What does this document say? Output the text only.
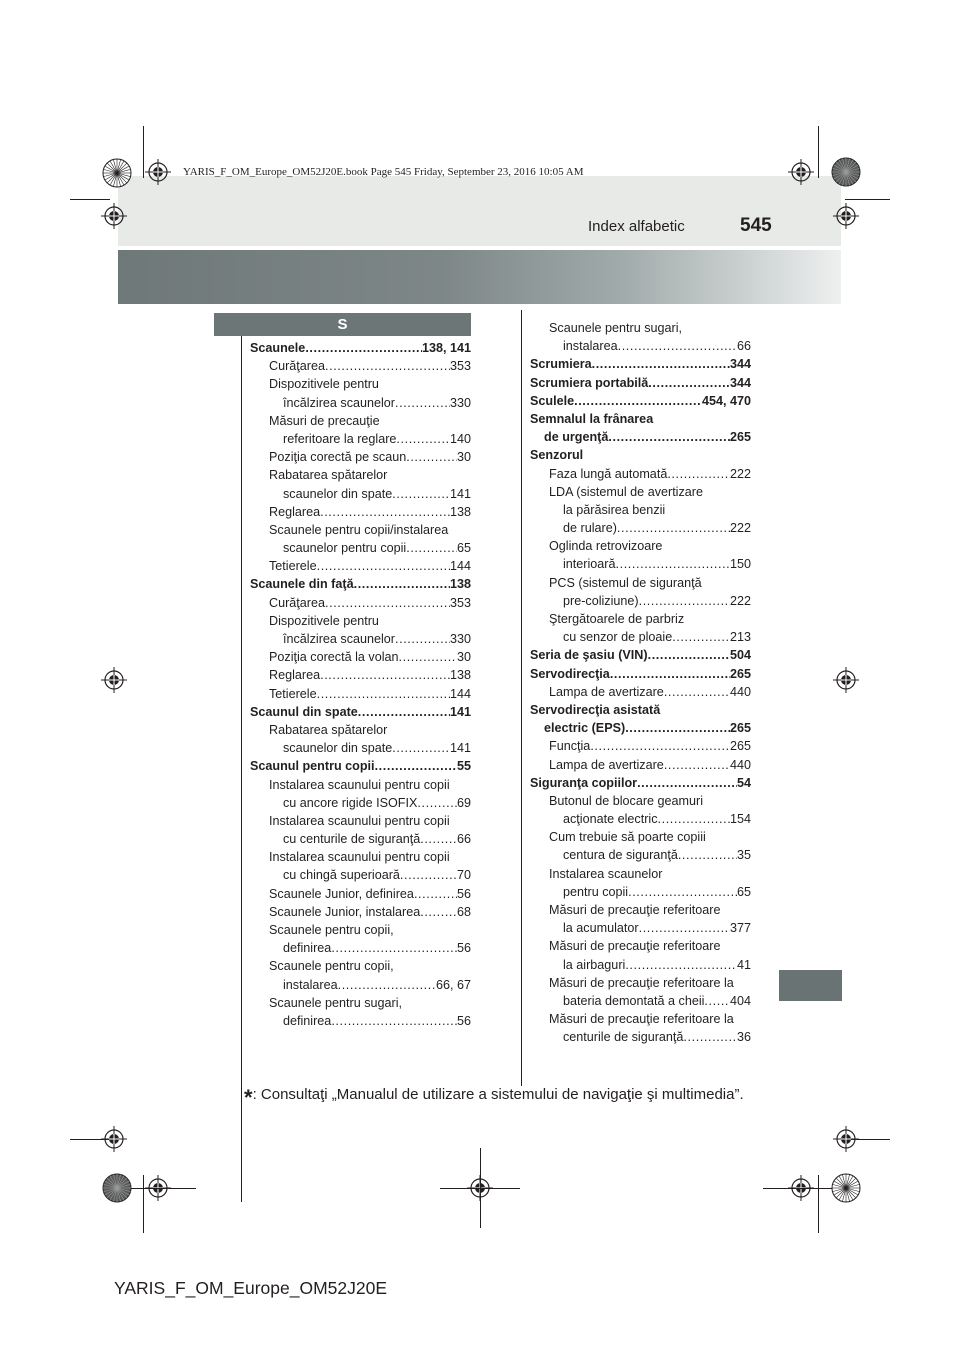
YARIS_F_OM_Europe_OM52J20E.book Page 545 Friday, September 23, 2016 10:05 AM
Index alfabetic	545
S
Scaunele .....	138, 141
Curăţarea .....	353
Dispozitivele pentru
încălzirea scaunelor .....	330
Măsuri de precauţie
referitoare la reglare .....	140
Poziţia corectă pe scaun .....	30
Rabatarea spătarelor
scaunelor din spate .....	141
Reglarea .....	138
Scaunele pentru copii/instalarea
scaunelor pentru copii .....	65
Tetierele .....	144
Scaunele din faţă .....	138
Curăţarea .....	353
Dispozitivele pentru
încălzirea scaunelor .....	330
Poziţia corectă la volan .....	30
Reglarea .....	138
Tetierele .....	144
Scaunul din spate .....	141
Rabatarea spătarelor
scaunelor din spate .....	141
Scaunul pentru copii .....	55
Instalarea scaunului pentru copii
cu ancore rigide ISOFIX .....	69
Instalarea scaunului pentru copii
cu centurile de siguranţă .....	66
Instalarea scaunului pentru copii
cu chingă superioară .....	70
Scaunele Junior, definirea .....	56
Scaunele Junior, instalarea .....	68
Scaunele pentru copii,
definirea .....	56
Scaunele pentru copii,
instalarea .....	66, 67
Scaunele pentru sugari,
definirea .....	56
Scaunele pentru sugari,
instalarea .....	66
Scrumiera .....	344
Scrumiera portabilă .....	344
Sculele .....	454, 470
Semnalul la frânarea
de urgenţă .....	265
Senzorul
Faza lungă automată .....	222
LDA (sistemul de avertizare
la părăsirea benzii
de rulare) .....	222
Oglinda retrovizoare
interioară .....	150
PCS (sistemul de siguranţă
pre-coliziune) .....	222
Ştergătoarele de parbriz
cu senzor de ploaie .....	213
Seria de şasiu (VIN) .....	504
Servodirecţia .....	265
Lampa de avertizare .....	440
Servodirecţia asistată
electric (EPS) .....	265
Funcţia .....	265
Lampa de avertizare .....	440
Siguranţa copiilor .....	54
Butonul de blocare geamuri
acţionate electric .....	154
Cum trebuie să poarte copiii
centura de siguranţă .....	35
Instalarea scaunelor
pentru copii .....	65
Măsuri de precauţie referitoare
la acumulator .....	377
Măsuri de precauţie referitoare
la airbaguri .....	41
Măsuri de precauţie referitoare la
bateria demontată a cheii ..... 404
Măsuri de precauţie referitoare la
centurile de siguranţă .....	36
*: Consultaţi „Manualul de utilizare a sistemului de navigaţie şi multimedia”.
YARIS_F_OM_Europe_OM52J20E
